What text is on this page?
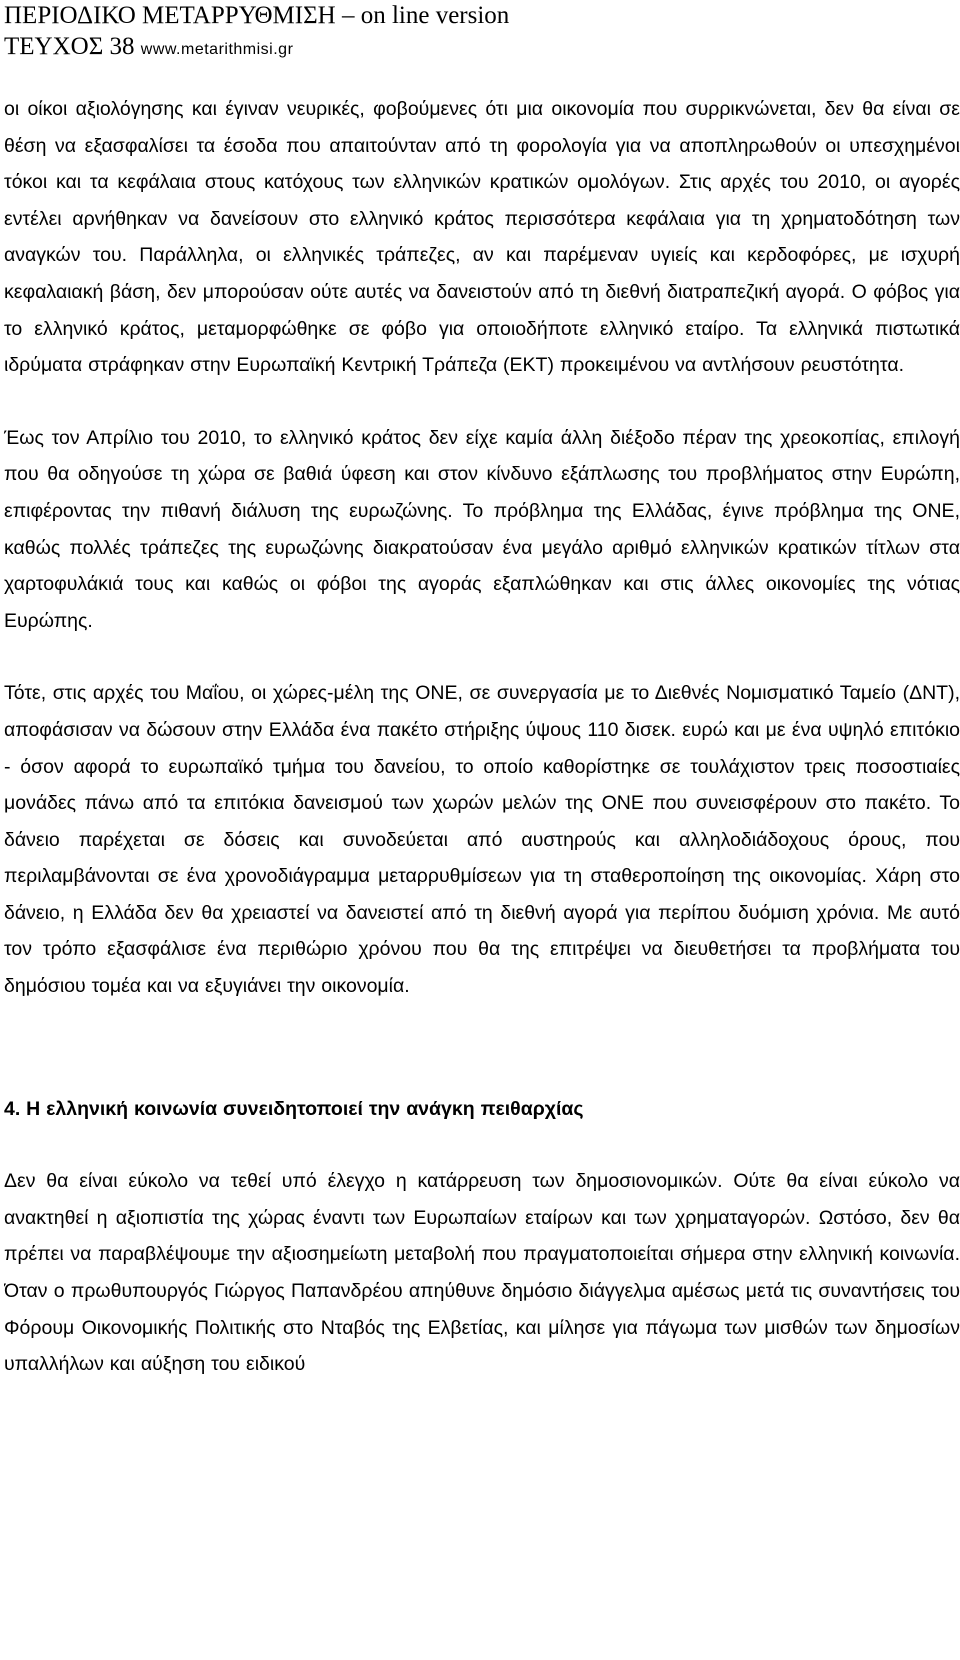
ΠΕΡΙΟΔΙΚΟ ΜΕΤΑΡΡΥΘΜΙΣΗ – on line version
ΤΕΥΧΟΣ 38 www.metarithmisi.gr

οι οίκοι αξιολόγησης και έγιναν νευρικές, φοβούμενες ότι μια οικονομία που συρρικνώνεται, δεν θα είναι σε θέση να εξασφαλίσει τα έσοδα που απαιτούνταν από τη φορολογία για να αποπληρωθούν οι υπεσχημένοι τόκοι και τα κεφάλαια στους κατόχους των ελληνικών κρατικών ομολόγων. Στις αρχές του 2010, οι αγορές εντέλει αρνήθηκαν να δανείσουν στο ελληνικό κράτος περισσότερα κεφάλαια για τη χρηματοδότηση των αναγκών του. Παράλληλα, οι ελληνικές τράπεζες, αν και παρέμεναν υγιείς και κερδοφόρες, με ισχυρή κεφαλαιακή βάση, δεν μπορούσαν ούτε αυτές να δανειστούν από τη διεθνή διατραπεζική αγορά. Ο φόβος για το ελληνικό κράτος, μεταμορφώθηκε σε φόβο για οποιοδήποτε ελληνικό εταίρο. Τα ελληνικά πιστωτικά ιδρύματα στράφηκαν στην Ευρωπαϊκή Κεντρική Τράπεζα (ΕΚΤ) προκειμένου να αντλήσουν ρευστότητα.

Έως τον Απρίλιο του 2010, το ελληνικό κράτος δεν είχε καμία άλλη διέξοδο πέραν της χρεοκοπίας, επιλογή που θα οδηγούσε τη χώρα σε βαθιά ύφεση και στον κίνδυνο εξάπλωσης του προβλήματος στην Ευρώπη, επιφέροντας την πιθανή διάλυση της ευρωζώνης. Το πρόβλημα της Ελλάδας, έγινε πρόβλημα της ΟΝΕ, καθώς πολλές τράπεζες της ευρωζώνης διακρατούσαν ένα μεγάλο αριθμό ελληνικών κρατικών τίτλων στα χαρτοφυλάκιά τους και καθώς οι φόβοι της αγοράς εξαπλώθηκαν και στις άλλες οικονομίες της νότιας Ευρώπης.

Τότε, στις αρχές του Μαΐου, οι χώρες-μέλη της ΟΝΕ, σε συνεργασία με το Διεθνές Νομισματικό Ταμείο (ΔΝΤ), αποφάσισαν να δώσουν στην Ελλάδα ένα πακέτο στήριξης ύψους 110 δισεκ. ευρώ και με ένα υψηλό επιτόκιο - όσον αφορά το ευρωπαϊκό τμήμα του δανείου, το οποίο καθορίστηκε σε τουλάχιστον τρεις ποσοστιαίες μονάδες πάνω από τα επιτόκια δανεισμού των χωρών μελών της ΟΝΕ που συνεισφέρουν στο πακέτο. Το δάνειο παρέχεται σε δόσεις και συνοδεύεται από αυστηρούς και αλληλοδιάδοχους όρους, που περιλαμβάνονται σε ένα χρονοδιάγραμμα μεταρρυθμίσεων για τη σταθεροποίηση της οικονομίας. Χάρη στο δάνειο, η Ελλάδα δεν θα χρειαστεί να δανειστεί από τη διεθνή αγορά για περίπου δυόμιση χρόνια. Με αυτό τον τρόπο εξασφάλισε ένα περιθώριο χρόνου που θα της επιτρέψει να διευθετήσει τα προβλήματα του δημόσιου τομέα και να εξυγιάνει την οικονομία.

4. Η ελληνική κοινωνία συνειδητοποιεί την ανάγκη πειθαρχίας

Δεν θα είναι εύκολο να τεθεί υπό έλεγχο η κατάρρευση των δημοσιονομικών. Ούτε θα είναι εύκολο να ανακτηθεί η αξιοπιστία της χώρας έναντι των Ευρωπαίων εταίρων και των χρηματαγορών. Ωστόσο, δεν θα πρέπει να παραβλέψουμε την αξιοσημείωτη μεταβολή που πραγματοποιείται σήμερα στην ελληνική κοινωνία. Όταν ο πρωθυπουργός Γιώργος Παπανδρέου απηύθυνε δημόσιο διάγγελμα αμέσως μετά τις συναντήσεις του Φόρουμ Οικονομικής Πολιτικής στο Νταβός της Ελβετίας, και μίλησε για πάγωμα των μισθών των δημοσίων υπαλλήλων και αύξηση του ειδικού
